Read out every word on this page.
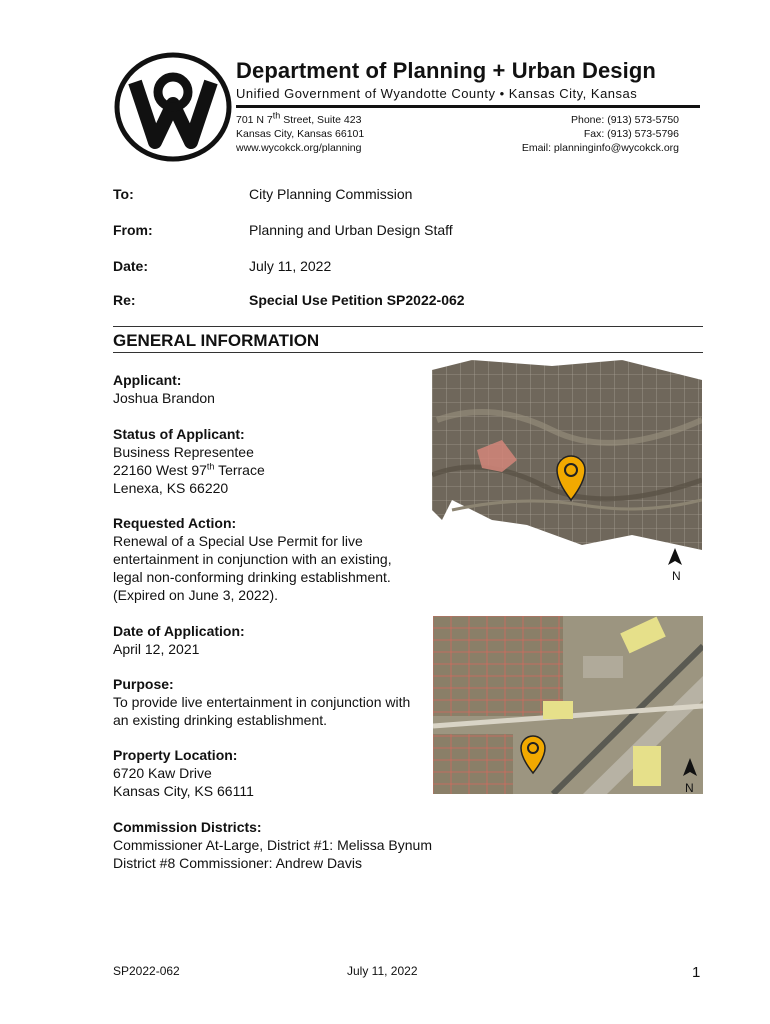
Department of Planning + Urban Design
Unified Government of Wyandotte County • Kansas City, Kansas
701 N 7th Street, Suite 423
Kansas City, Kansas 66101
www.wycokck.org/planning
Phone: (913) 573-5750
Fax: (913) 573-5796
Email: planninginfo@wycokck.org
To:	City Planning Commission
From:	Planning and Urban Design Staff
Date:	July 11, 2022
Re:	Special Use Petition SP2022-062
GENERAL INFORMATION
Applicant:
Joshua Brandon
Status of Applicant:
Business Representee
22160 West 97th Terrace
Lenexa, KS 66220
Requested Action:
Renewal of a Special Use Permit for live entertainment in conjunction with an existing, legal non-conforming drinking establishment. (Expired on June 3, 2022).
Date of Application:
April 12, 2021
Purpose:
To provide live entertainment in conjunction with an existing drinking establishment.
Property Location:
6720 Kaw Drive
Kansas City, KS 66111
Commission Districts:
Commissioner At-Large, District #1: Melissa Bynum
District #8 Commissioner: Andrew Davis
N
N
SP2022-062	July 11, 2022	1
